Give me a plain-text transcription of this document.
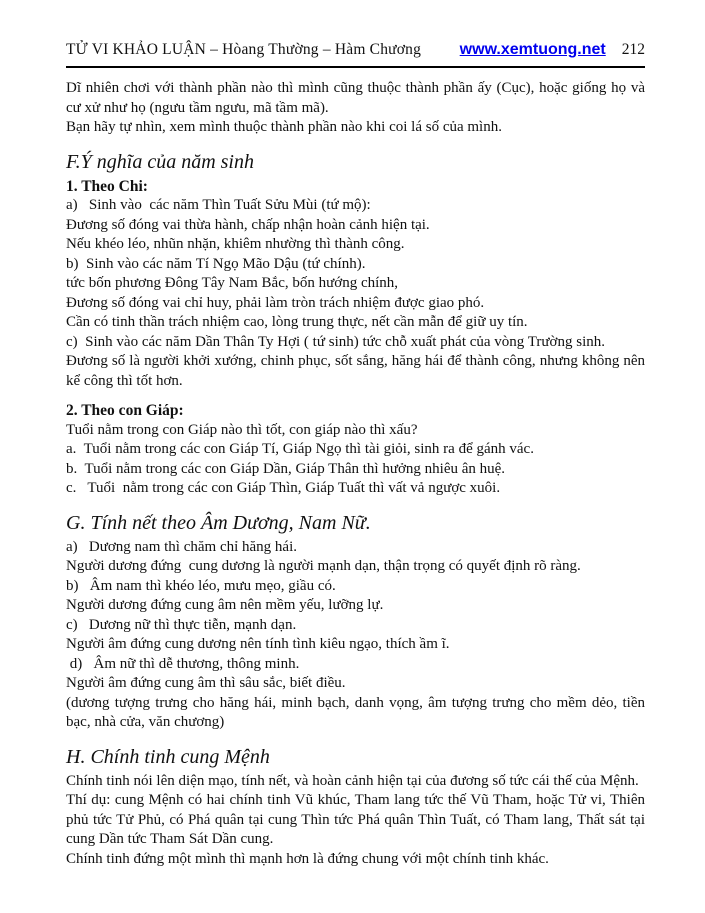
TỬ VI KHẢO LUẬN – Hòang Thường – Hàm Chương www.xemtuong.net 212

Dĩ nhiên chơi với thành phần nào thì mình cũng thuộc thành phần ấy (Cục), hoặc giống họ và cư xử như họ (ngưu tầm ngưu, mã tầm mã).

Bạn hãy tự nhìn, xem mình thuộc thành phần nào khi coi lá số của mình.

F.Ý nghĩa của năm sinh

1. Theo Chi:

a)   Sinh vào  các năm Thìn Tuất Sửu Mùi (tứ mộ):

Đương số đóng vai thừa hành, chấp nhận hoàn cảnh hiện tại.

Nếu khéo léo, nhũn nhặn, khiêm nhường thì thành công.

b)  Sinh vào các năm Tí Ngọ Mão Dậu (tứ chính).

tức bốn phương Đông Tây Nam Bắc, bốn hướng chính,

Đương số đóng vai chỉ huy, phải làm tròn trách nhiệm được giao phó.

Cần có tinh thần trách nhiệm cao, lòng trung thực, nết cần mẫn để giữ uy tín.

c)  Sinh vào các năm Dần Thân Ty Hợi ( tứ sinh) tức chỗ xuất phát của vòng Trường sinh.

Đương số là người khởi xướng, chinh phục, sốt sắng, hăng hái để thành công, nhưng không nên kể công thì tốt hơn.

2. Theo con Giáp:

Tuổi nằm trong con Giáp nào thì tốt, con giáp nào thì xấu?

a.  Tuổi nằm trong các con Giáp Tí, Giáp Ngọ thì tài giỏi, sinh ra để gánh vác.

b.  Tuổi nằm trong các con Giáp Dần, Giáp Thân thì hưởng nhiêu ân huệ.

c.   Tuổi  nằm trong các con Giáp Thìn, Giáp Tuất thì vất vả ngược xuôi.

G. Tính nết theo Âm Dương, Nam Nữ.

a)   Dương nam thì chăm chỉ hăng hái.

Người dương đứng  cung dương là người mạnh dạn, thận trọng có quyết định rõ ràng.

b)   Âm nam thì khéo léo, mưu mẹo, giầu có.

Người dương đứng cung âm nên mềm yếu, lưỡng lự.

c)   Dương nữ thì thực tiễn, mạnh dạn.

Người âm đứng cung dương nên tính tình kiêu ngạo, thích ầm ĩ.

d)   Âm nữ thì dễ thương, thông minh.

Người âm đứng cung âm thì sâu sắc, biết điều.

(dương tượng trưng cho hăng hái, minh bạch, danh vọng, âm tượng trưng cho mềm dẻo, tiền bạc, nhà cửa, văn chương)

H. Chính tinh cung Mệnh

Chính tinh nói lên diện mạo, tính nết, và hoàn cảnh hiện tại của đương số tức cái thế của Mệnh.

Thí dụ: cung Mệnh có hai chính tinh Vũ khúc, Tham lang tức thế Vũ Tham, hoặc Tử vi, Thiên phủ tức Tử Phủ, có Phá quân tại cung Thìn tức Phá quân Thìn Tuất, có Tham lang, Thất sát tại cung Dần tức Tham Sát Dần cung.

Chính tinh đứng một mình thì mạnh hơn là đứng chung với một chính tinh khác.
